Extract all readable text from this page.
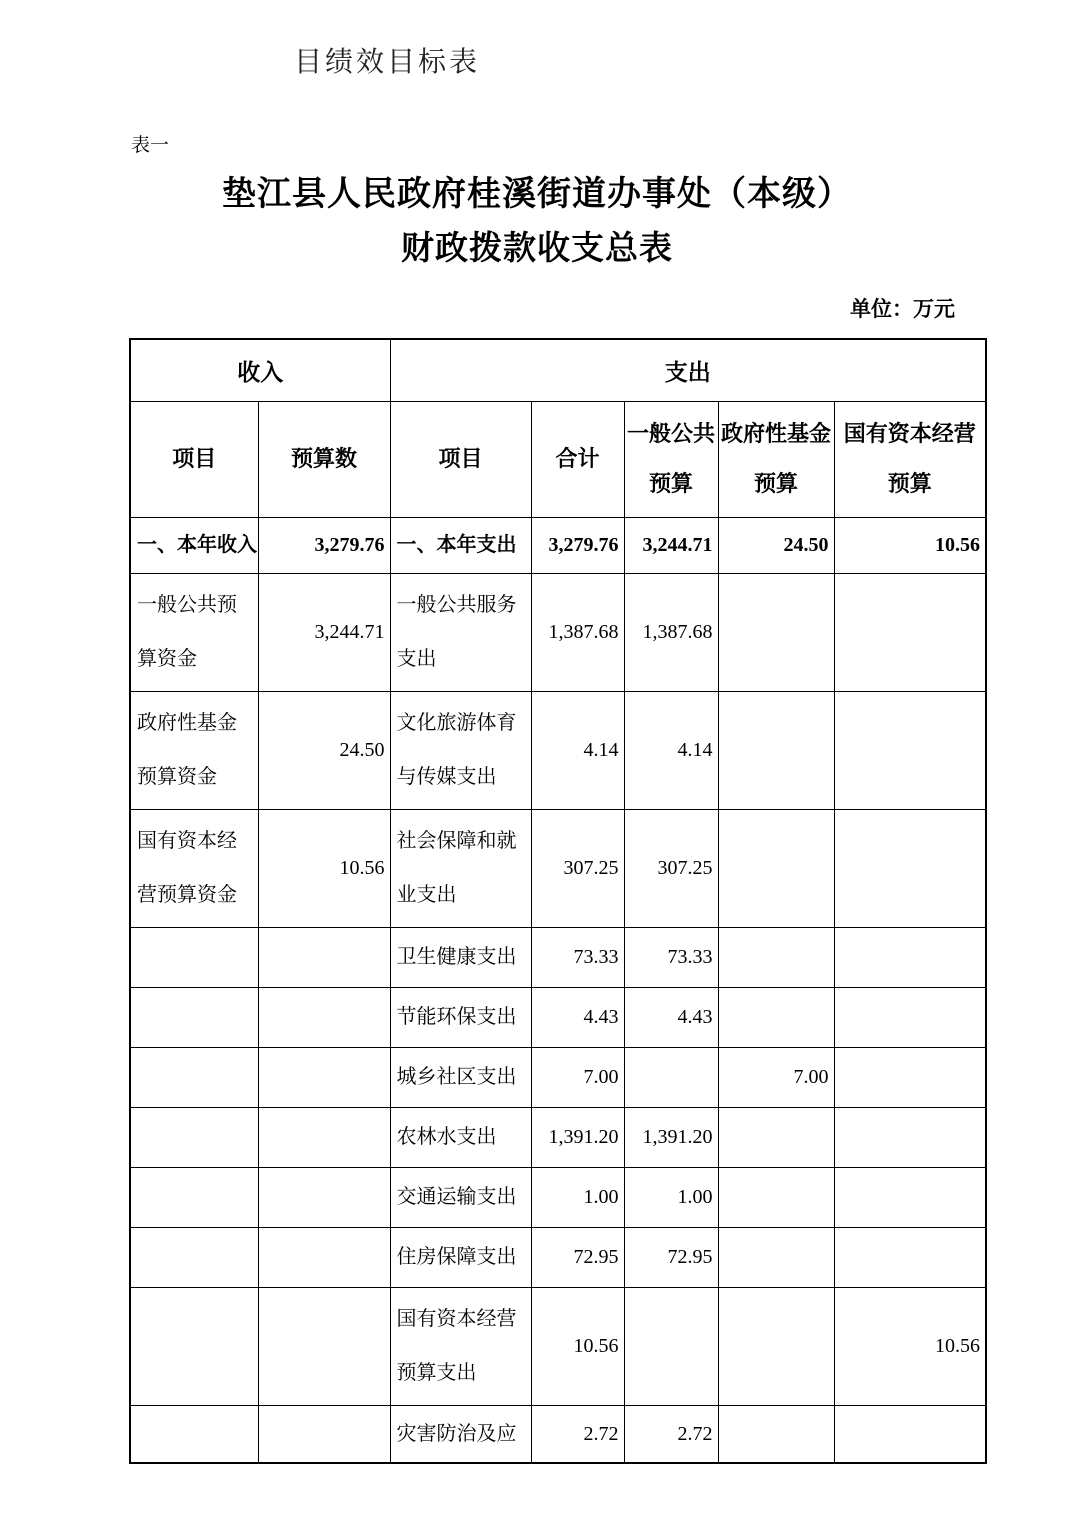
目绩效目标表
表一
垫江县人民政府桂溪街道办事处（本级）
财政拨款收支总表
单位：万元
收入		支出				
项目	预算数	项目	合计	一般公共预算	政府性基金预算	国有资本经营预算
一、本年收入	3,279.76	一、本年支出	3,279.76	3,244.71	24.50	10.56
一般公共预算资金	3,244.71	一般公共服务支出	1,387.68	1,387.68		
政府性基金预算资金	24.50	文化旅游体育与传媒支出	4.14	4.14		
国有资本经营预算资金	10.56	社会保障和就业支出	307.25	307.25		
		卫生健康支出	73.33	73.33		
		节能环保支出	4.43	4.43		
		城乡社区支出	7.00		7.00	
		农林水支出	1,391.20	1,391.20		
		交通运输支出	1.00	1.00		
		住房保障支出	72.95	72.95		
		国有资本经营预算支出	10.56			10.56
		灾害防治及应	2.72	2.72		
